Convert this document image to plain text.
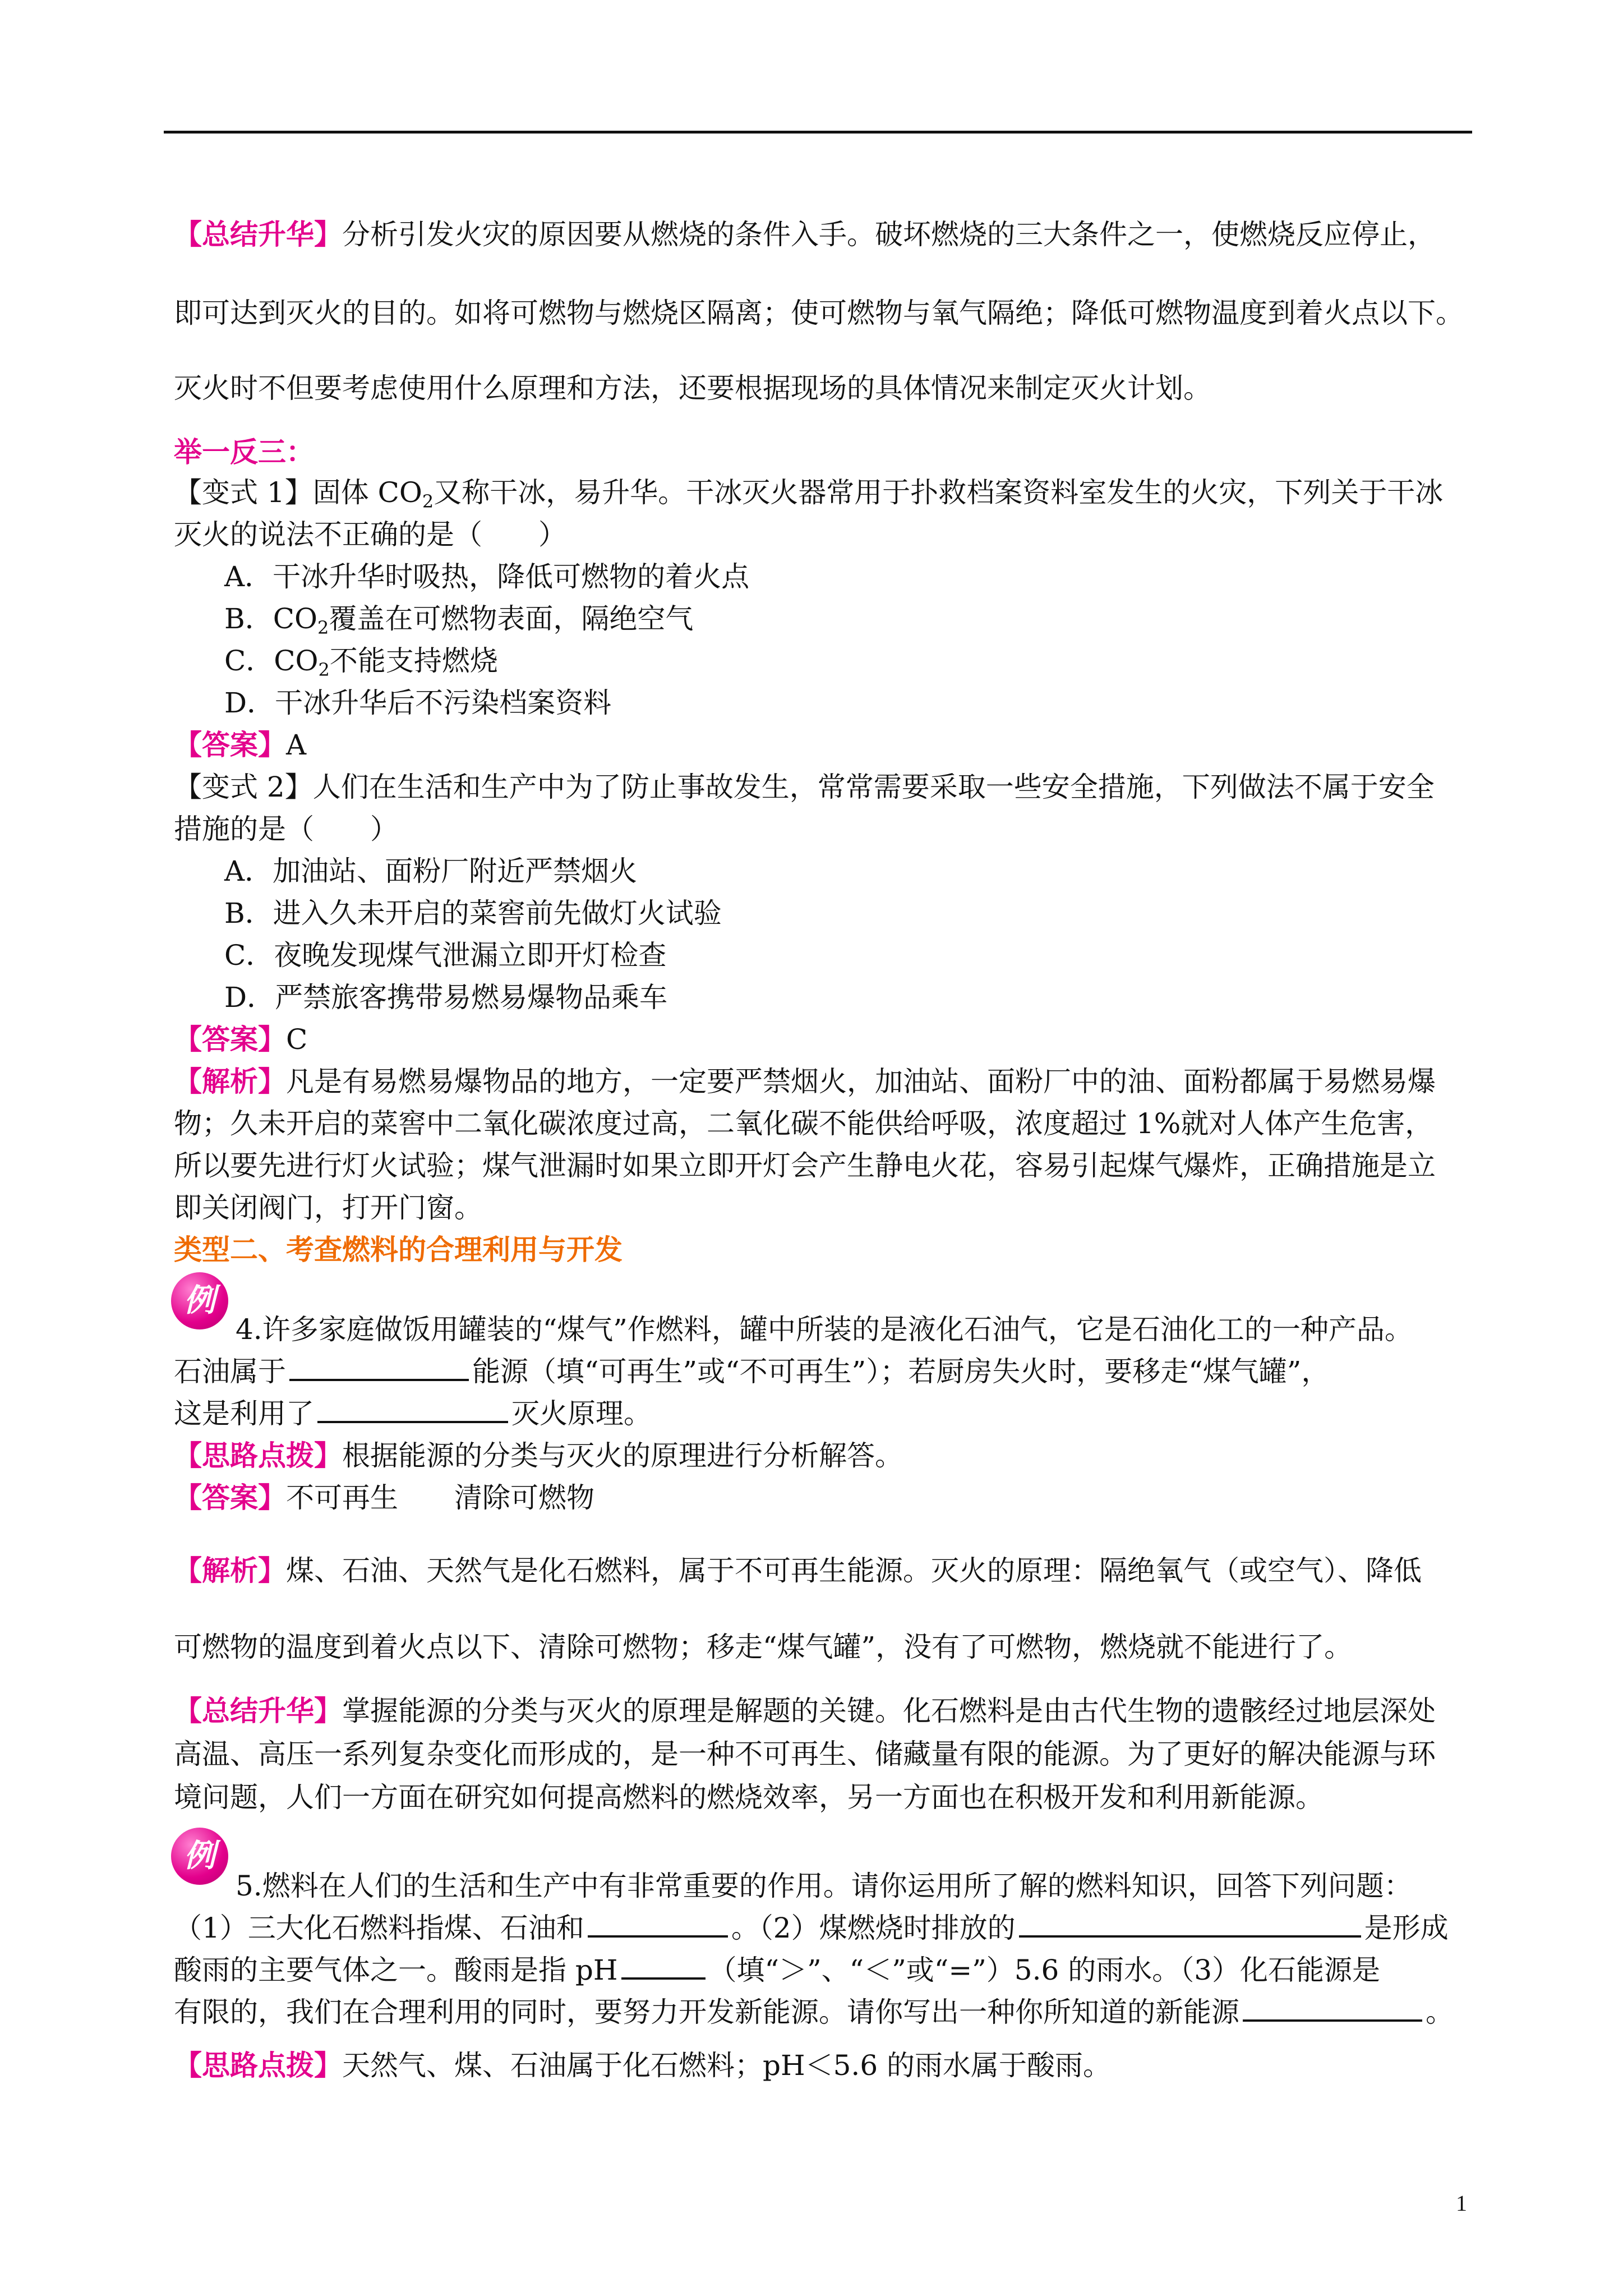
【总结升华】分析引发火灾的原因要从燃烧的条件入手。破坏燃烧的三大条件之一，使燃烧反应停止，

即可达到灭火的目的。如将可燃物与燃烧区隔离；使可燃物与氧气隔绝；降低可燃物温度到着火点以下。

灭火时不但要考虑使用什么原理和方法，还要根据现场的具体情况来制定灭火计划。

举一反三：

【变式 1】固体 $CO_2$又称干冰，易升华。干冰灭火器常用于扑救档案资料室发生的火灾，下列关于干冰

灭火的说法不正确的是（　　）

A．干冰升华时吸热，降低可燃物的着火点
B．$CO_2$覆盖在可燃物表面，隔绝空气
C．$CO_2$不能支持燃烧
D．干冰升华后不污染档案资料

【答案】A

【变式 2】人们在生活和生产中为了防止事故发生，常常需要采取一些安全措施，下列做法不属于安全

措施的是（　　）

A．加油站、面粉厂附近严禁烟火
B．进入久未开启的菜窖前先做灯火试验
C．夜晚发现煤气泄漏立即开灯检查
D．严禁旅客携带易燃易爆物品乘车

【答案】C

【解析】凡是有易燃易爆物品的地方，一定要严禁烟火，加油站、面粉厂中的油、面粉都属于易燃易爆

物；久未开启的菜窖中二氧化碳浓度过高，二氧化碳不能供给呼吸，浓度超过 1%就对人体产生危害，

所以要先进行灯火试验；煤气泄漏时如果立即开灯会产生静电火花，容易引起煤气爆炸，正确措施是立

即关闭阀门，打开门窗。

类型二、考查燃料的合理利用与开发

例

4.许多家庭做饭用罐装的“煤气”作燃料，罐中所装的是液化石油气，它是石油化工的一种产品。

石油属于	能源（填“可再生”或“不可再生”）；若厨房失火时，要移走“煤气罐”，

这是利用了	灭火原理。

【思路点拨】根据能源的分类与灭火的原理进行分析解答。

【答案】不可再生 清除可燃物

【解析】煤、石油、天然气是化石燃料，属于不可再生能源。灭火的原理：隔绝氧气（或空气）、降低

可燃物的温度到着火点以下、清除可燃物；移走“煤气罐”，没有了可燃物，燃烧就不能进行了。

【总结升华】掌握能源的分类与灭火的原理是解题的关键。化石燃料是由古代生物的遗骸经过地层深处

高温、高压一系列复杂变化而形成的，是一种不可再生、储藏量有限的能源。为了更好的解决能源与环

境问题，人们一方面在研究如何提高燃料的燃烧效率，另一方面也在积极开发和利用新能源。

例

5.燃料在人们的生活和生产中有非常重要的作用。请你运用所了解的燃料知识，回答下列问题：

（1）三大化石燃料指煤、石油和	。（2）煤燃烧时排放的	是形成

酸雨的主要气体之一。酸雨是指 pH	（填“＞”、“＜”或“=”）5.6 的雨水。（3）化石能源是

有限的，我们在合理利用的同时，要努力开发新能源。请你写出一种你所知道的新能源	。

【思路点拨】天然气、煤、石油属于化石燃料；pH＜5.6 的雨水属于酸雨。

1
